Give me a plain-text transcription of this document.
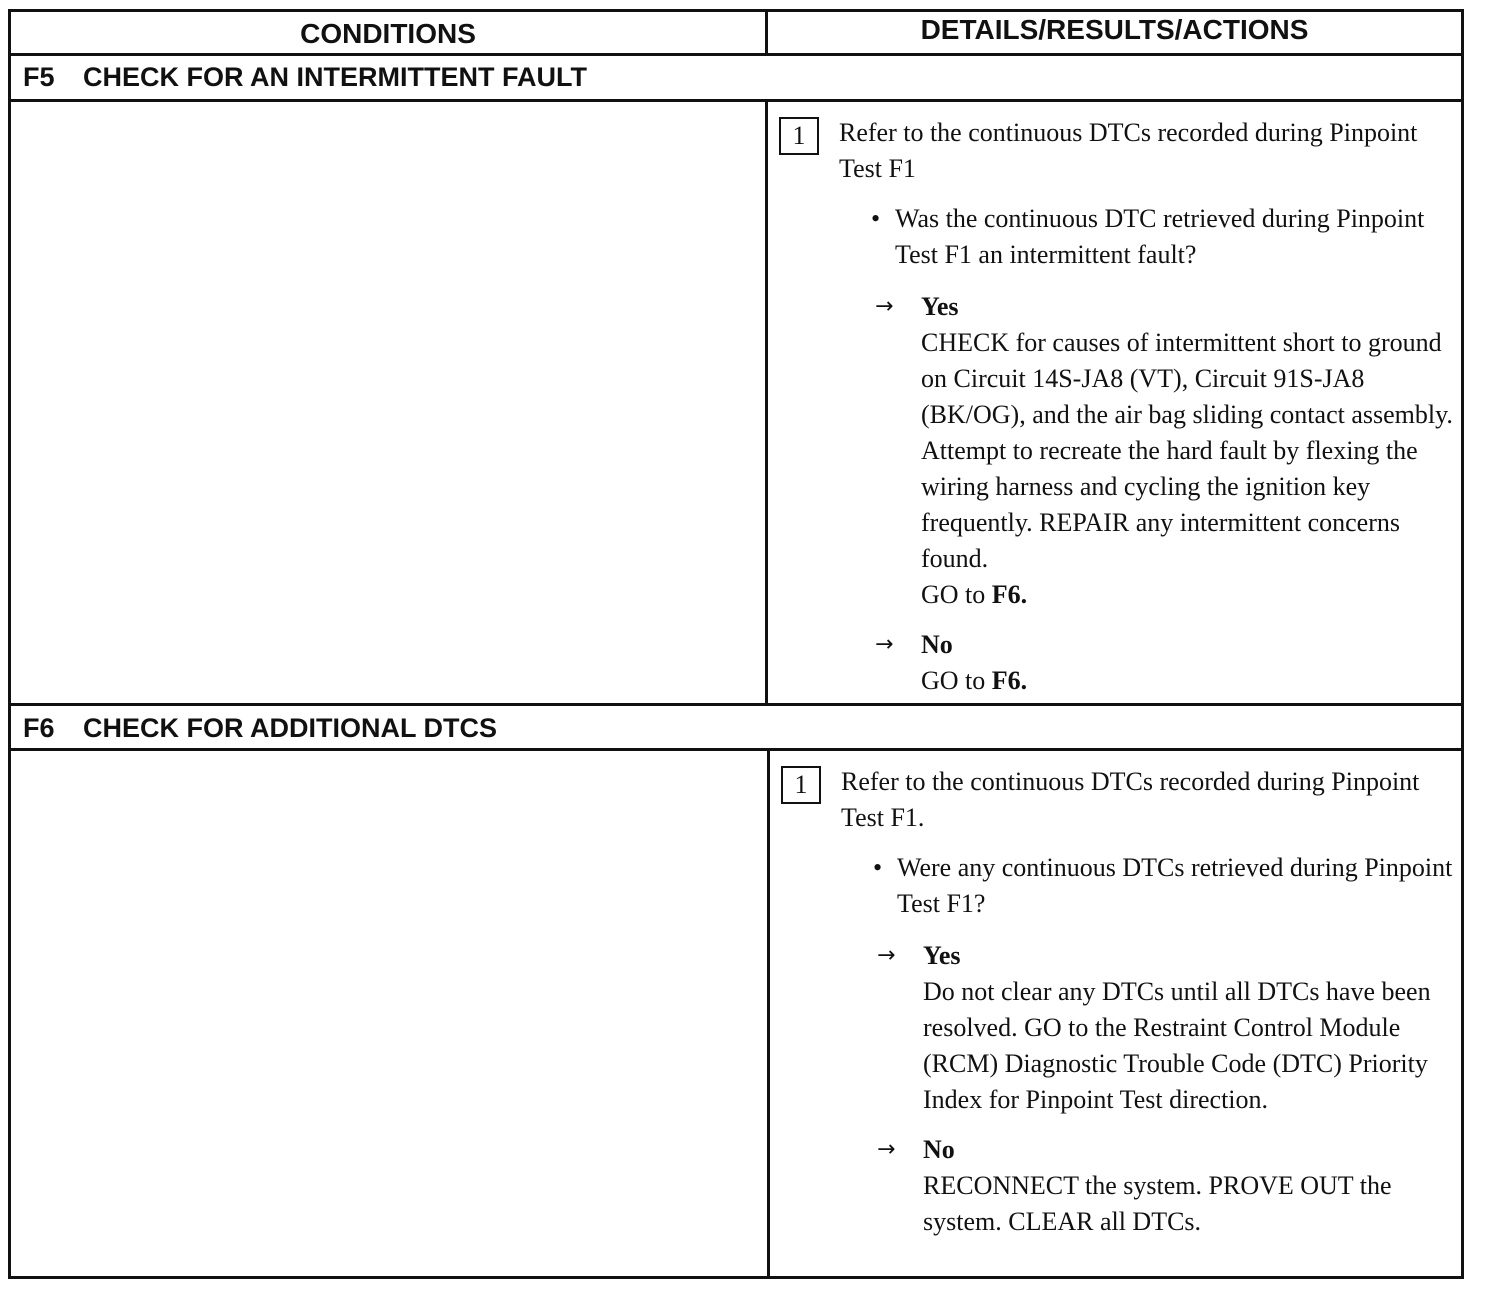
CONDITIONS	DETAILS/RESULTS/ACTIONS
F5 CHECK FOR AN INTERMITTENT FAULT
1	Refer to the continuous DTCs recorded during Pinpoint Test F1
• Was the continuous DTC retrieved during Pinpoint Test F1 an intermittent fault?
→ Yes
CHECK for causes of intermittent short to ground on Circuit 14S-JA8 (VT), Circuit 91S-JA8 (BK/OG), and the air bag sliding contact assembly. Attempt to recreate the hard fault by flexing the wiring harness and cycling the ignition key frequently. REPAIR any intermittent concerns found.
GO to F6.
→ No
GO to F6.
F6 CHECK FOR ADDITIONAL DTCS
1	Refer to the continuous DTCs recorded during Pinpoint Test F1.
• Were any continuous DTCs retrieved during Pinpoint Test F1?
→ Yes
Do not clear any DTCs until all DTCs have been resolved. GO to the Restraint Control Module (RCM) Diagnostic Trouble Code (DTC) Priority Index for Pinpoint Test direction.
→ No
RECONNECT the system. PROVE OUT the system. CLEAR all DTCs.
